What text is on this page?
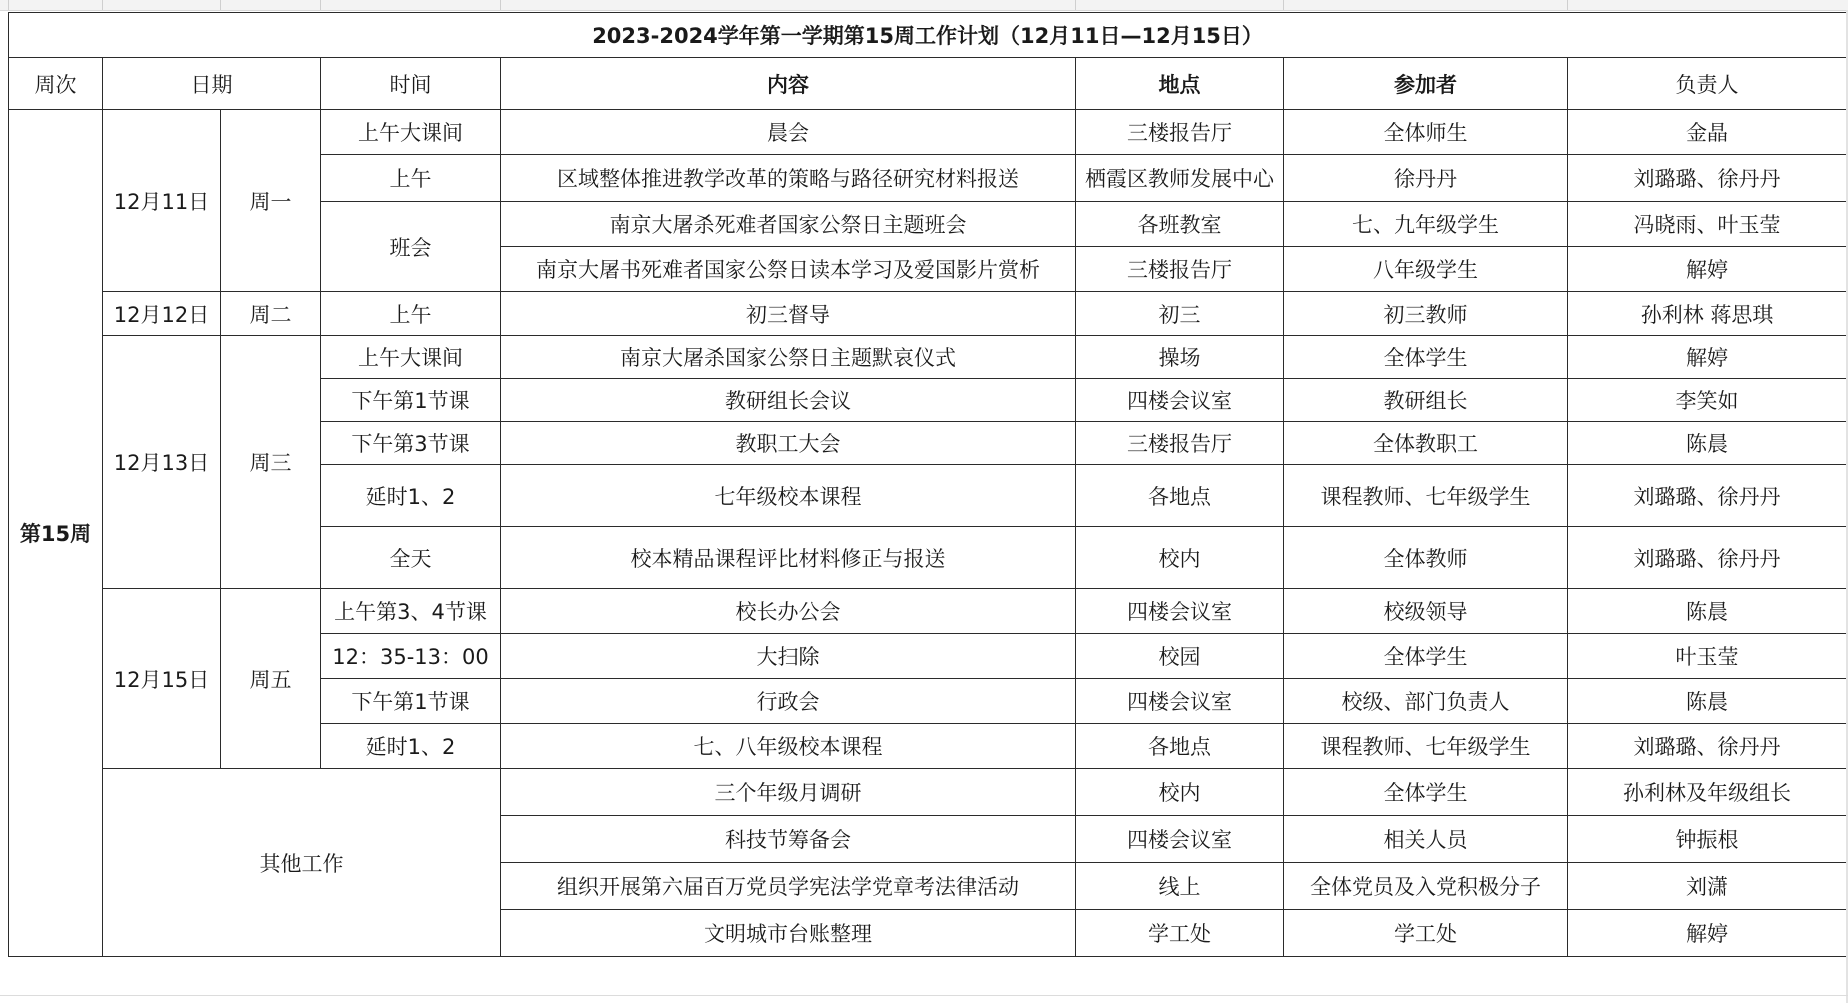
2023-2024学年第一学期第15周工作计划（12月11日—12月15日）							
周次	日期		时间	内容	地点	参加者	负责人
第15周	12月11日	周一	上午大课间	晨会	三楼报告厅	全体师生	金晶
			上午	区域整体推进教学改革的策略与路径研究材料报送	栖霞区教师发展中心	徐丹丹	刘璐璐、徐丹丹
			班会	南京大屠杀死难者国家公祭日主题班会	各班教室	七、九年级学生	冯晓雨、叶玉莹
				南京大屠书死难者国家公祭日读本学习及爱国影片赏析	三楼报告厅	八年级学生	解婷
	12月12日	周二	上午	初三督导	初三	初三教师	孙利林 蒋思琪
	12月13日	周三	上午大课间	南京大屠杀国家公祭日主题默哀仪式	操场	全体学生	解婷
			下午第1节课	教研组长会议	四楼会议室	教研组长	李笑如
			下午第3节课	教职工大会	三楼报告厅	全体教职工	陈晨
			延时1、2	七年级校本课程	各地点	课程教师、七年级学生	刘璐璐、徐丹丹
			全天	校本精品课程评比材料修正与报送	校内	全体教师	刘璐璐、徐丹丹
	12月15日	周五	上午第3、4节课	校长办公会	四楼会议室	校级领导	陈晨
			12：35-13：00	大扫除	校园	全体学生	叶玉莹
			下午第1节课	行政会	四楼会议室	校级、部门负责人	陈晨
			延时1、2	七、八年级校本课程	各地点	课程教师、七年级学生	刘璐璐、徐丹丹
	其他工作			三个年级月调研	校内	全体学生	孙利林及年级组长
				科技节筹备会	四楼会议室	相关人员	钟振根
				组织开展第六届百万党员学宪法学党章考法律活动	线上	全体党员及入党积极分子	刘潇
				文明城市台账整理	学工处	学工处	解婷
